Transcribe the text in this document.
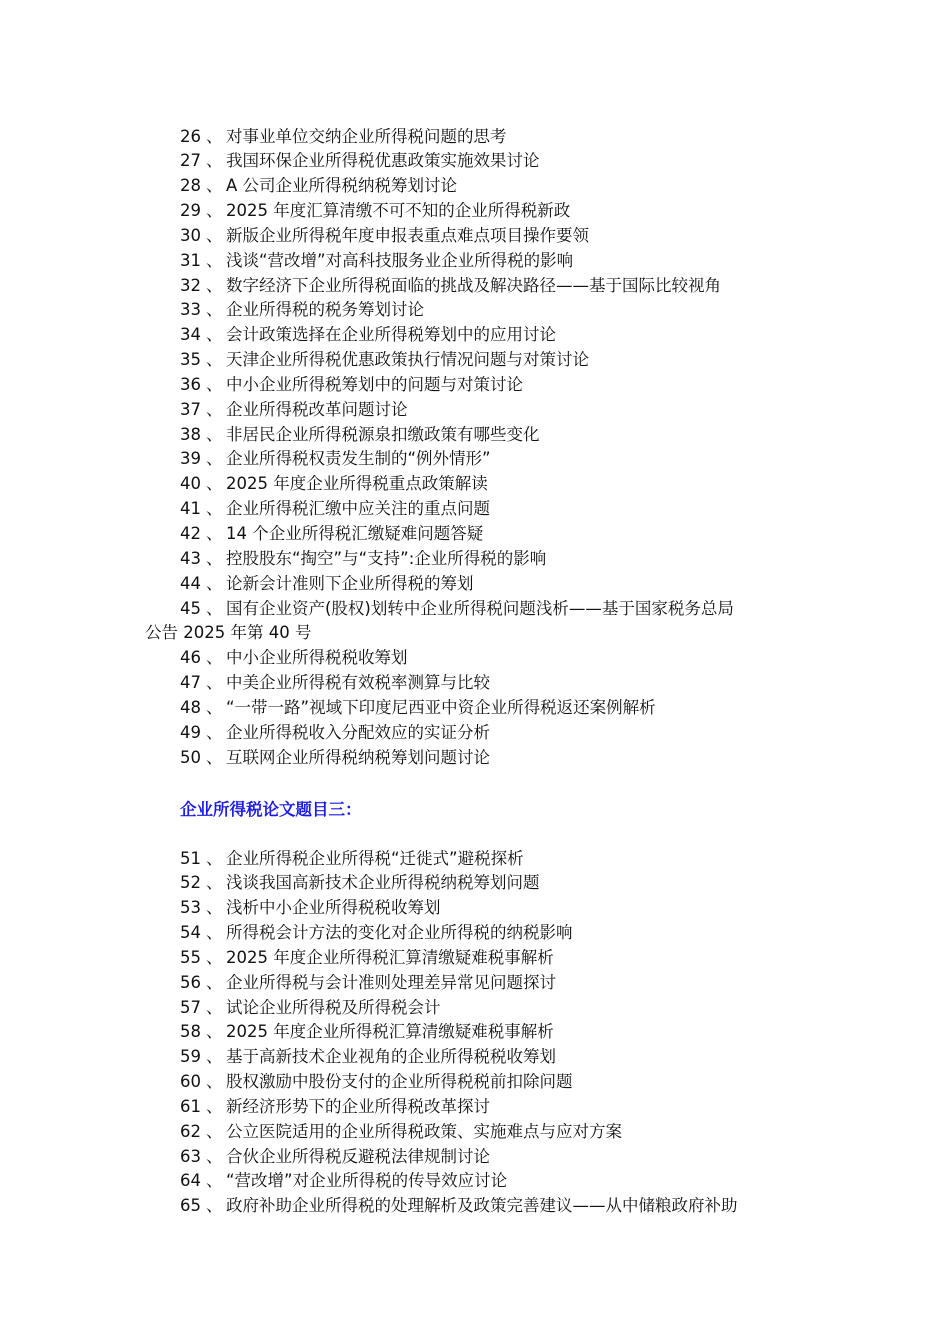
26 、 对事业单位交纳企业所得税问题的思考
27 、 我国环保企业所得税优惠政策实施效果讨论
28 、 A 公司企业所得税纳税筹划讨论
29 、 2025 年度汇算清缴不可不知的企业所得税新政
30 、 新版企业所得税年度申报表重点难点项目操作要领
31 、 浅谈“营改增”对高科技服务业企业所得税的影响
32 、 数字经济下企业所得税面临的挑战及解决路径——基于国际比较视角
33 、 企业所得税的税务筹划讨论
34 、 会计政策选择在企业所得税筹划中的应用讨论
35 、 天津企业所得税优惠政策执行情况问题与对策讨论
36 、 中小企业所得税筹划中的问题与对策讨论
37 、 企业所得税改革问题讨论
38 、 非居民企业所得税源泉扣缴政策有哪些变化
39 、 企业所得税权责发生制的“例外情形”
40 、 2025 年度企业所得税重点政策解读
41 、 企业所得税汇缴中应关注的重点问题
42 、 14 个企业所得税汇缴疑难问题答疑
43 、 控股股东“掏空”与“支持”:企业所得税的影响
44 、 论新会计准则下企业所得税的筹划
45 、 国有企业资产(股权)划转中企业所得税问题浅析——基于国家税务总局
公告 2025 年第 40 号
46 、 中小企业所得税税收筹划
47 、 中美企业所得税有效税率测算与比较
48 、 “一带一路”视域下印度尼西亚中资企业所得税返还案例解析
49 、 企业所得税收入分配效应的实证分析
50 、 互联网企业所得税纳税筹划问题讨论
企业所得税论文题目三：
51 、 企业所得税企业所得税“迁徙式”避税探析
52 、 浅谈我国高新技术企业所得税纳税筹划问题
53 、 浅析中小企业所得税税收筹划
54 、 所得税会计方法的变化对企业所得税的纳税影响
55 、 2025 年度企业所得税汇算清缴疑难税事解析
56 、 企业所得税与会计准则处理差异常见问题探讨
57 、 试论企业所得税及所得税会计
58 、 2025 年度企业所得税汇算清缴疑难税事解析
59 、 基于高新技术企业视角的企业所得税税收筹划
60 、 股权激励中股份支付的企业所得税税前扣除问题
61 、 新经济形势下的企业所得税改革探讨
62 、 公立医院适用的企业所得税政策、实施难点与应对方案
63 、 合伙企业所得税反避税法律规制讨论
64 、 “营改增”对企业所得税的传导效应讨论
65 、 政府补助企业所得税的处理解析及政策完善建议——从中储粮政府补助
